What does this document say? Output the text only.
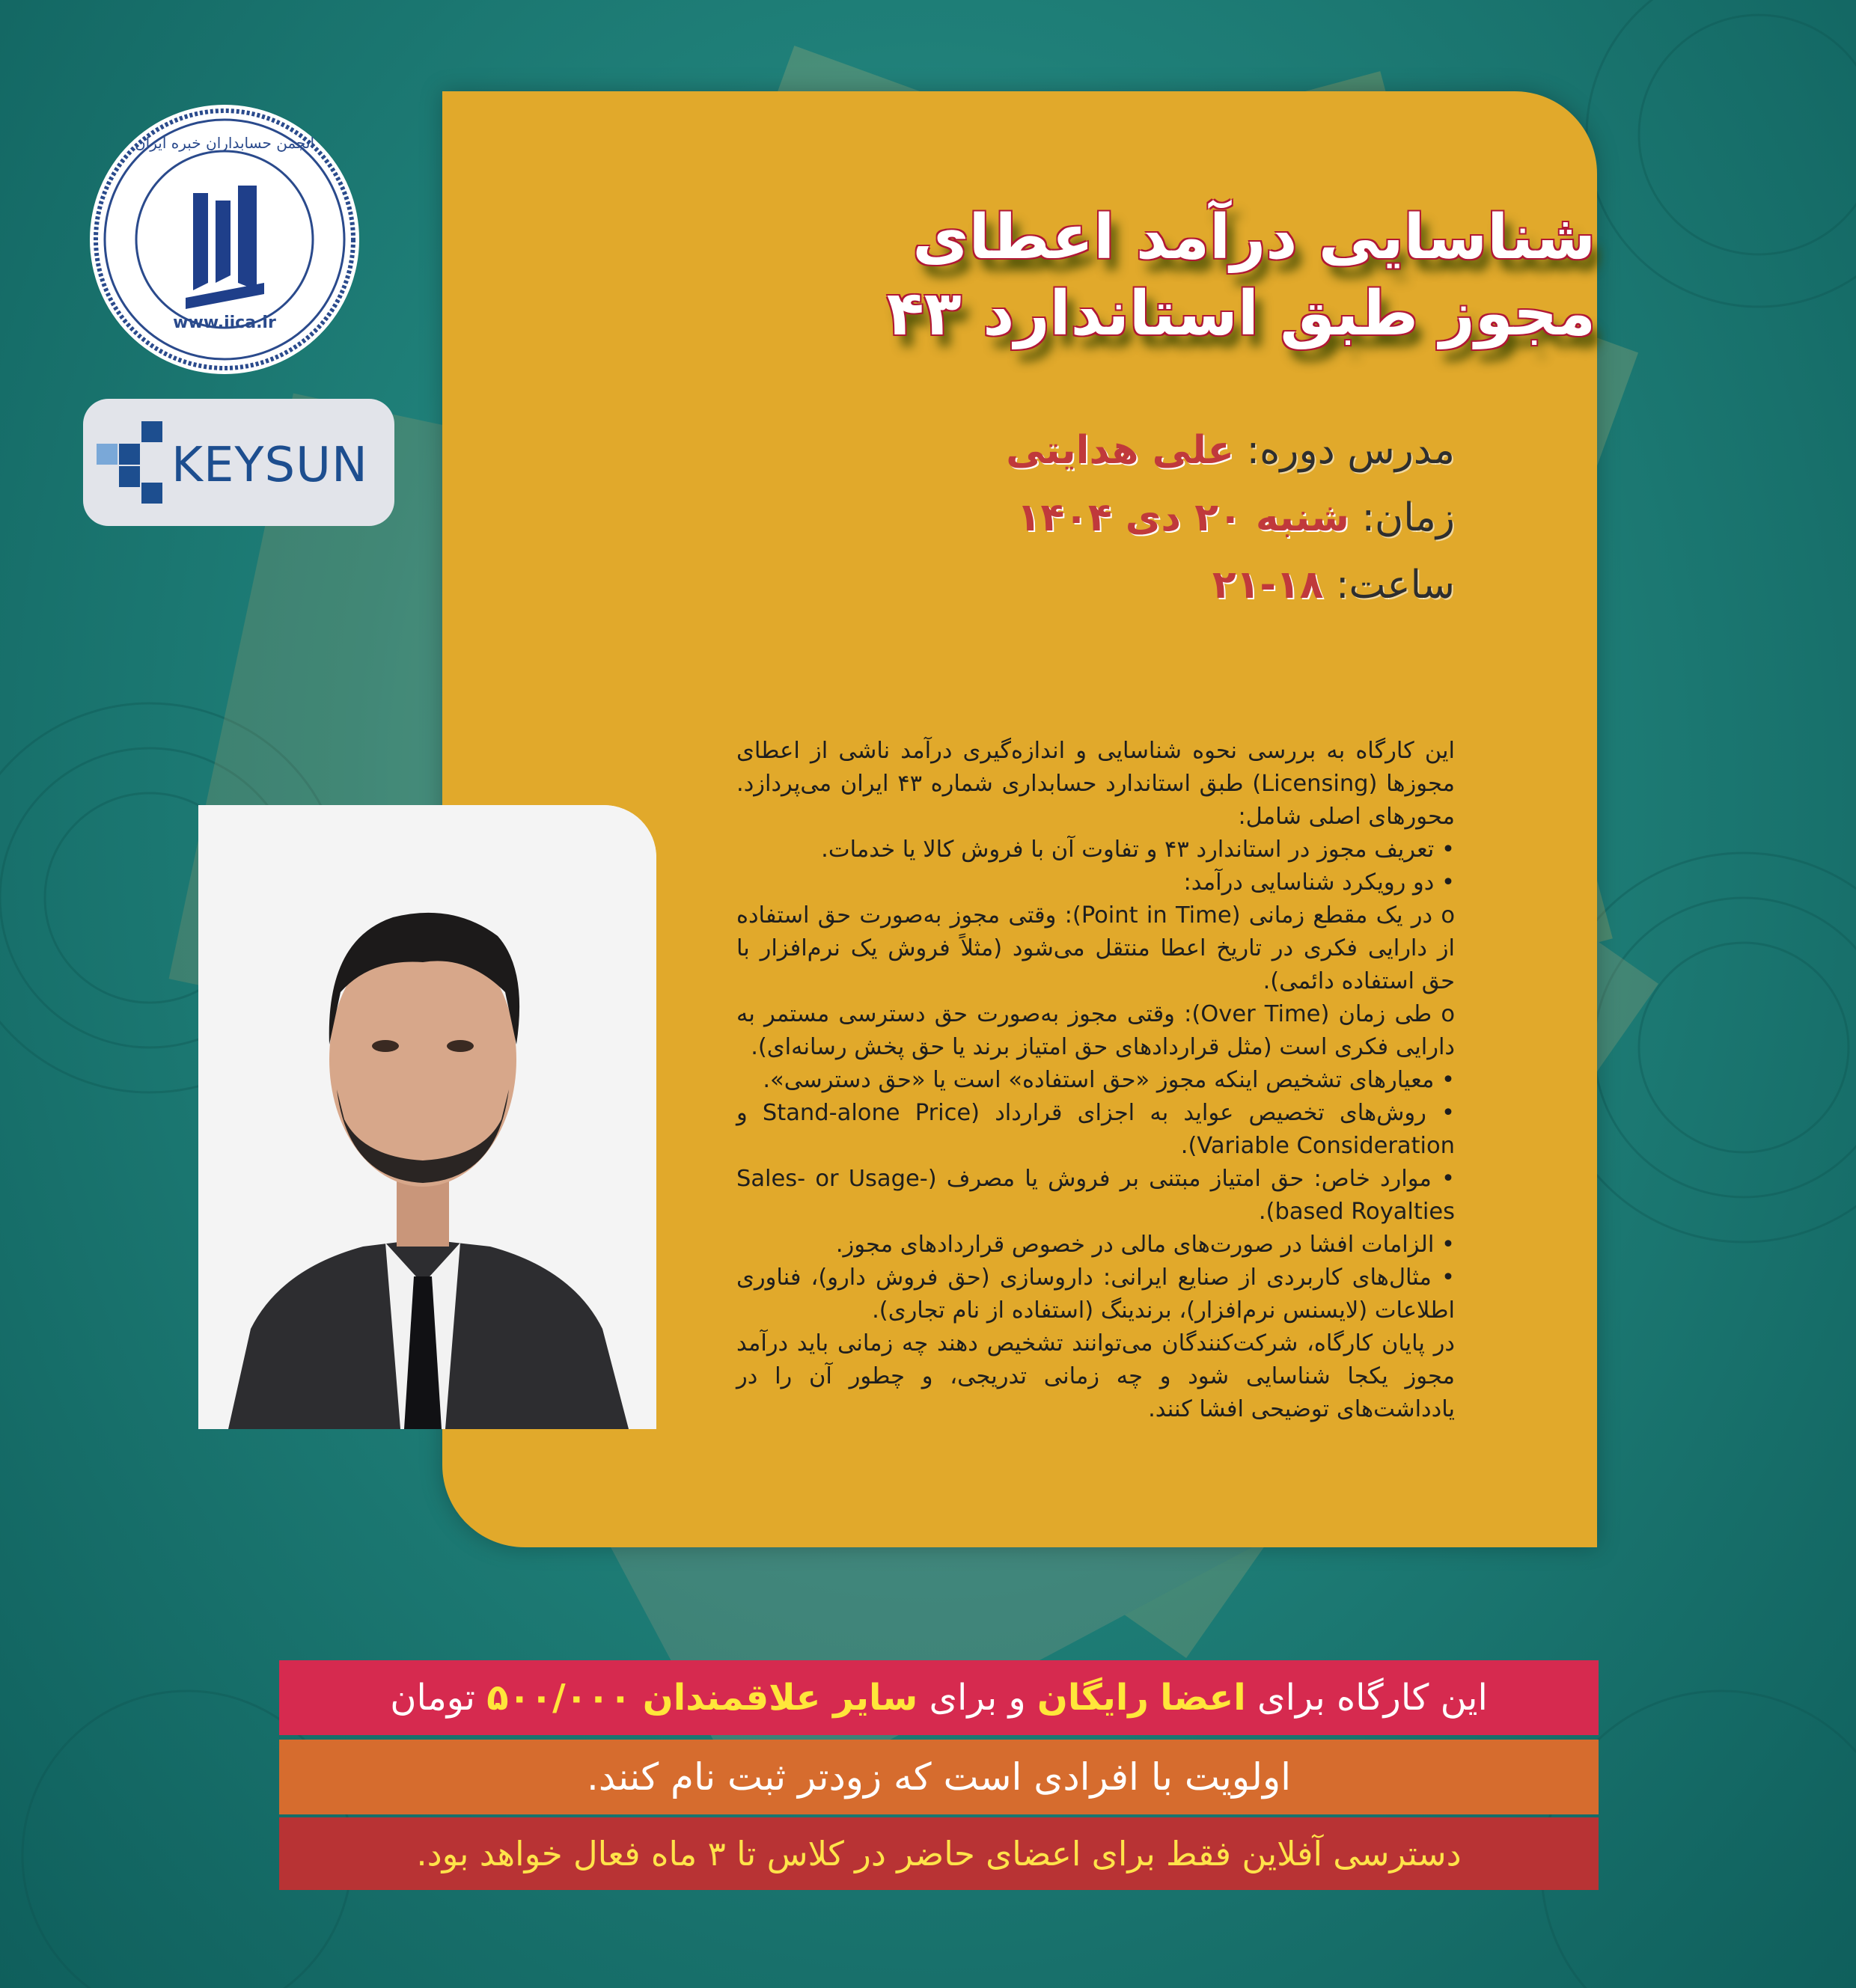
www.iica.ir
انجمن حسابداران خبره ایران
KEYSUN
شناسایی درآمد اعطای
مجوز طبق استاندارد ۴۳
مدرس دوره: علی هدایتی
زمان: شنبه ۲۰ دی ۱۴۰۴
ساعت: ۱۸-۲۱

این کارگاه به بررسی نحوه شناسایی و اندازه‌گیری درآمد ناشی از اعطای مجوزها (Licensing) طبق استاندارد حسابداری شماره ۴۳ ایران می‌پردازد. محورهای اصلی شامل:

• تعریف مجوز در استاندارد ۴۳ و تفاوت آن با فروش کالا یا خدمات.

• دو رویکرد شناسایی درآمد:

o در یک مقطع زمانی (Point in Time): وقتی مجوز به‌صورت حق استفاده از دارایی فکری در تاریخ اعطا منتقل می‌شود (مثلاً فروش یک نرم‌افزار با حق استفاده دائمی).

o طی زمان (Over Time): وقتی مجوز به‌صورت حق دسترسی مستمر به دارایی فکری است (مثل قراردادهای حق امتیاز برند یا حق پخش رسانه‌ای).

• معیارهای تشخیص اینکه مجوز «حق استفاده» است یا «حق دسترسی».

• روش‌های تخصیص عواید به اجزای قرارداد (Stand-alone Price و Variable Consideration).

• موارد خاص: حق امتیاز مبتنی بر فروش یا مصرف (Sales- or Usage-based Royalties).

• الزامات افشا در صورت‌های مالی در خصوص قراردادهای مجوز.

• مثال‌های کاربردی از صنایع ایرانی: داروسازی (حق فروش دارو)، فناوری اطلاعات (لایسنس نرم‌افزار)، برندینگ (استفاده از نام تجاری).

در پایان کارگاه، شرکت‌کنندگان می‌توانند تشخیص دهند چه زمانی باید درآمد مجوز یکجا شناسایی شود و چه زمانی تدریجی، و چطور آن را در یادداشت‌های توضیحی افشا کنند.

این کارگاه برای اعضا رایگان و برای سایر علاقمندان ۵۰۰/۰۰۰ تومان
اولویت با افرادی است که زودتر ثبت نام کنند.
دسترسی آفلاین فقط برای اعضای حاضر در کلاس تا ۳ ماه فعال خواهد بود.
